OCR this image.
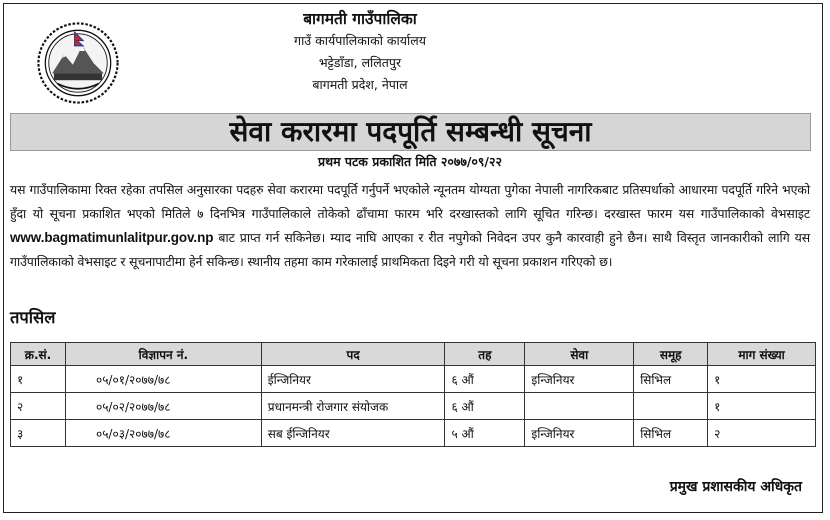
बागमती गाउँपालिका
गाउँ कार्यपालिकाको कार्यालय
भट्टेडाँडा, ललितपुर
बागमती प्रदेश, नेपाल
सेवा करारमा पदपूर्ति सम्बन्धी सूचना
प्रथम पटक प्रकाशित मिति २०७७/०९/२२
यस गाउँपालिकामा रिक्त रहेका तपसिल अनुसारका पदहरु सेवा करारमा पदपूर्ति गर्नुपर्ने भएकोले न्यूनतम योग्यता पुगेका नेपाली नागरिकबाट प्रतिस्पर्धाको आधारमा पदपूर्ति गरिने भएको हुँदा यो सूचना प्रकाशित भएको मितिले ७ दिनभित्र गाउँपालिकाले तोकेको ढाँचामा फारम भरि दरखास्तको लागि सूचित गरिन्छ। दरखास्त फारम यस गाउँपालिकाको वेभसाइट www.bagmatimunlalitpur.gov.np बाट प्राप्त गर्न सकिनेछ। म्याद नाघि आएका र रीत नपुगेको निवेदन उपर कुनै कारवाही हुने छैन। साथै विस्तृत जानकारीको लागि यस गाउँपालिकाको वेभसाइट र सूचनापाटीमा हेर्न सकिन्छ। स्थानीय तहमा काम गरेकालाई प्राथमिकता दिइने गरी यो सूचना प्रकाशन गरिएको छ।
तपसिल
क्र.सं.	विज्ञापन नं.	पद	तह	सेवा	समूह	माग संख्या
१	०५/०१/२०७७/७८	ईन्जिनियर	६ औं	इन्जिनियर	सिभिल	१
२	०५/०२/२०७७/७८	प्रधानमन्त्री रोजगार संयोजक	६ औं			१
३	०५/०३/२०७७/७८	सब ईन्जिनियर	५ औं	इन्जिनियर	सिभिल	२
प्रमुख प्रशासकीय अधिकृत
